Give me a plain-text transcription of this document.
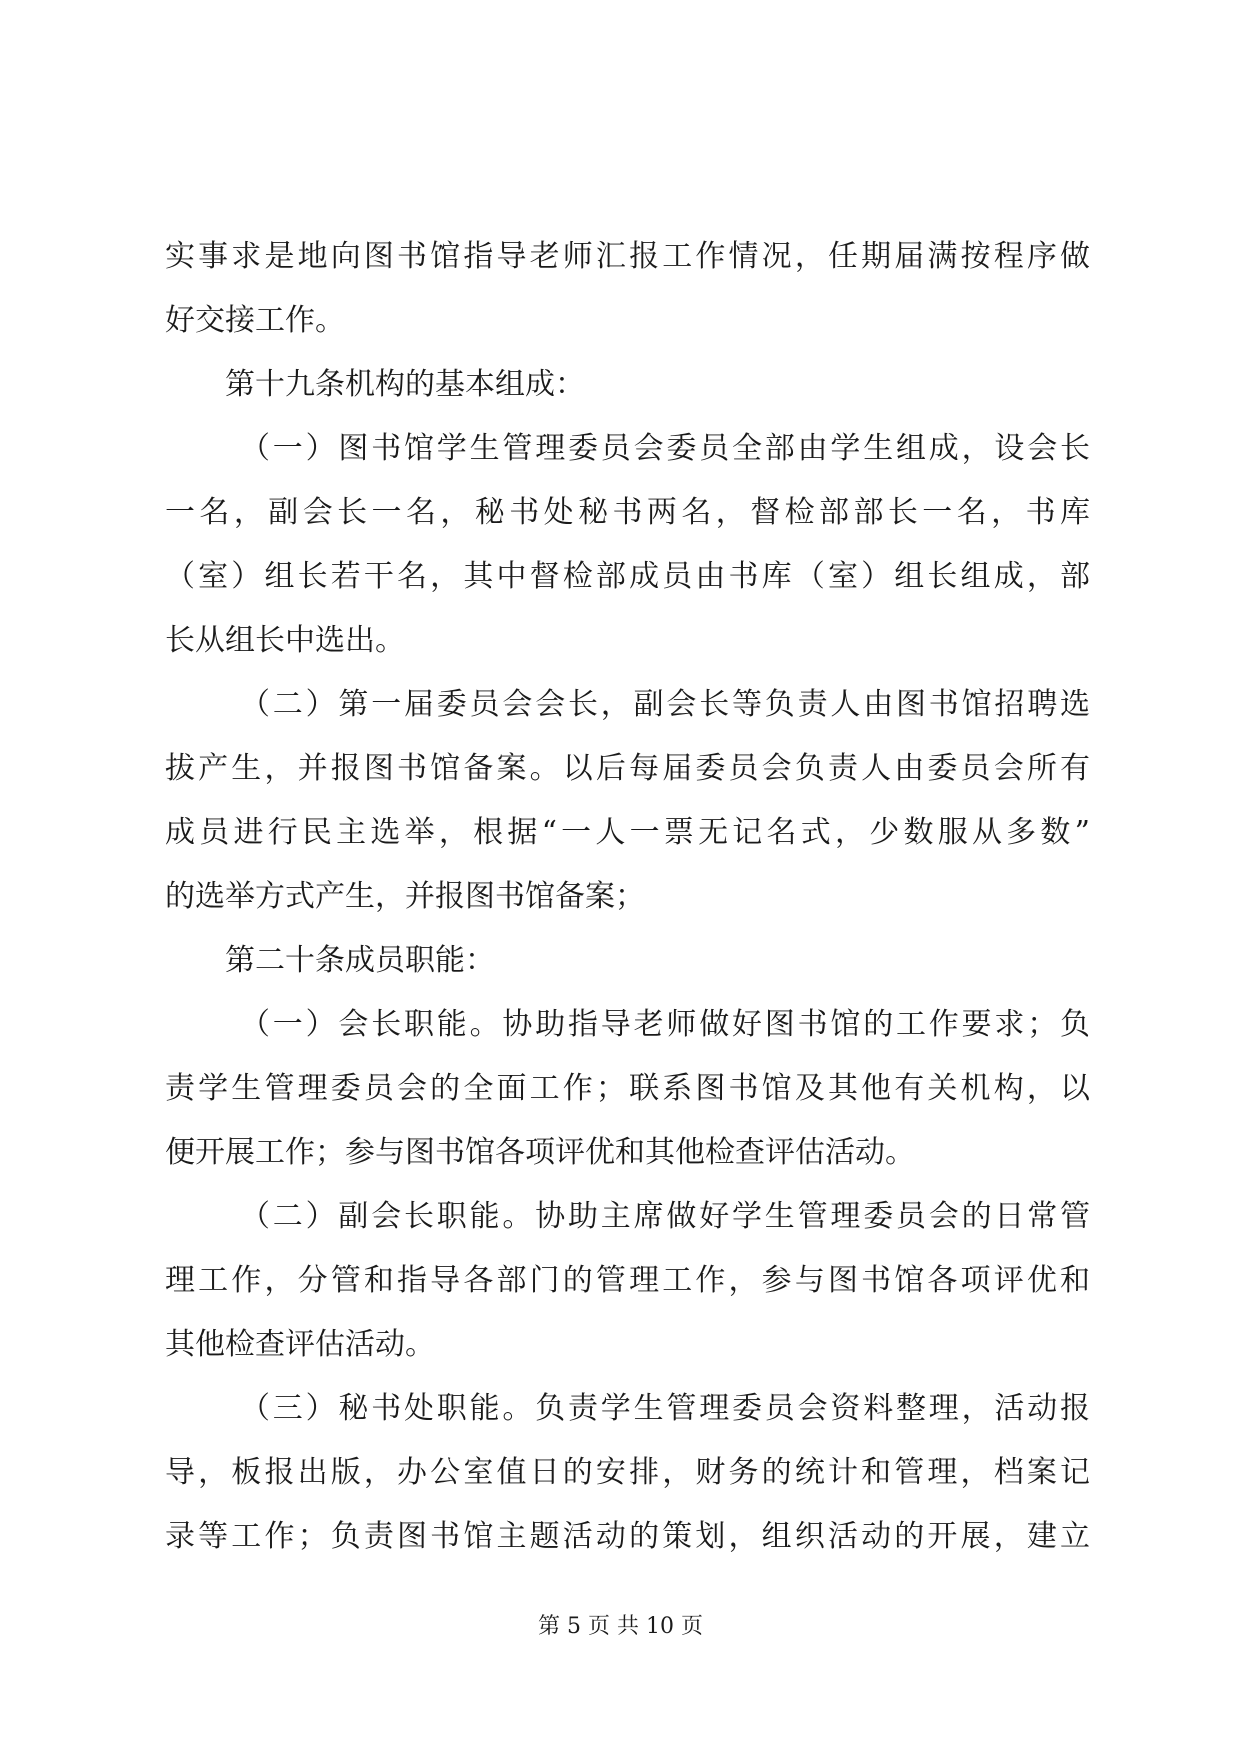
实事求是地向图书馆指导老师汇报工作情况，任期届满按程序做
好交接工作。
第十九条机构的基本组成：
（一）图书馆学生管理委员会委员全部由学生组成，设会长
一名，副会长一名，秘书处秘书两名，督检部部长一名，书库
（室）组长若干名，其中督检部成员由书库（室）组长组成，部
长从组长中选出。
（二）第一届委员会会长，副会长等负责人由图书馆招聘选
拔产生，并报图书馆备案。以后每届委员会负责人由委员会所有
成员进行民主选举，根据“一人一票无记名式，少数服从多数”
的选举方式产生，并报图书馆备案；
第二十条成员职能：
（一）会长职能。协助指导老师做好图书馆的工作要求；负
责学生管理委员会的全面工作；联系图书馆及其他有关机构，以
便开展工作；参与图书馆各项评优和其他检查评估活动。
（二）副会长职能。协助主席做好学生管理委员会的日常管
理工作，分管和指导各部门的管理工作，参与图书馆各项评优和
其他检查评估活动。
（三）秘书处职能。负责学生管理委员会资料整理，活动报
导，板报出版，办公室值日的安排，财务的统计和管理，档案记
录等工作；负责图书馆主题活动的策划，组织活动的开展，建立
第 5 页 共 10 页
